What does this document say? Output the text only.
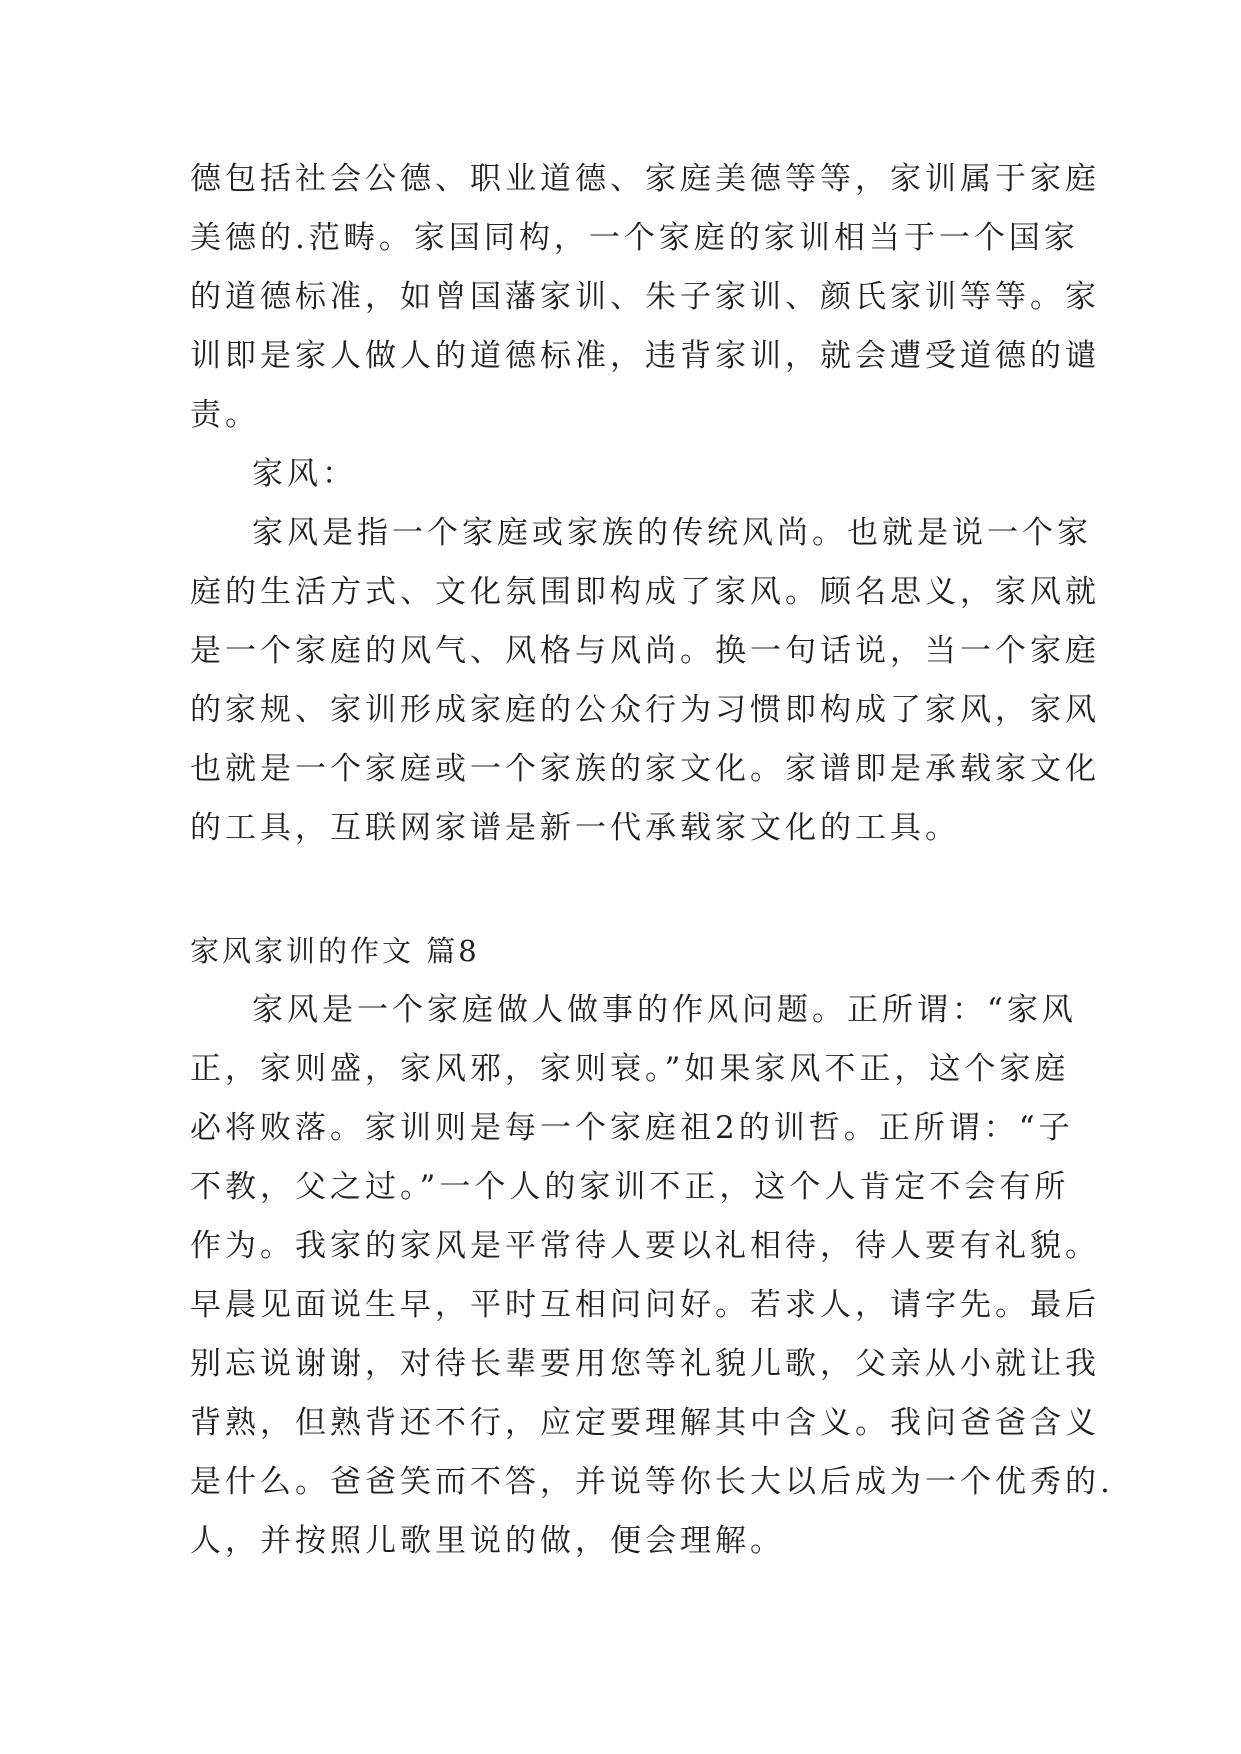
德包括社会公德、职业道德、家庭美德等等，家训属于家庭
美德的.范畴。家国同构，一个家庭的家训相当于一个国家
的道德标准，如曾国藩家训、朱子家训、颜氏家训等等。家
训即是家人做人的道德标准，违背家训，就会遭受道德的谴
责。
家风：
家风是指一个家庭或家族的传统风尚。也就是说一个家
庭的生活方式、文化氛围即构成了家风。顾名思义，家风就
是一个家庭的风气、风格与风尚。换一句话说，当一个家庭
的家规、家训形成家庭的公众行为习惯即构成了家风，家风
也就是一个家庭或一个家族的家文化。家谱即是承载家文化
的工具，互联网家谱是新一代承载家文化的工具。
家风家训的作文 篇8
家风是一个家庭做人做事的作风问题。正所谓：“家风
正，家则盛，家风邪，家则衰。”如果家风不正，这个家庭
必将败落。家训则是每一个家庭祖2的训哲。正所谓：“子
不教，父之过。”一个人的家训不正，这个人肯定不会有所
作为。我家的家风是平常待人要以礼相待，待人要有礼貌。
早晨见面说生早，平时互相问问好。若求人，请字先。最后
别忘说谢谢，对待长辈要用您等礼貌儿歌，父亲从小就让我
背熟，但熟背还不行，应定要理解其中含义。我问爸爸含义
是什么。爸爸笑而不答，并说等你长大以后成为一个优秀的.
人，并按照儿歌里说的做，便会理解。
